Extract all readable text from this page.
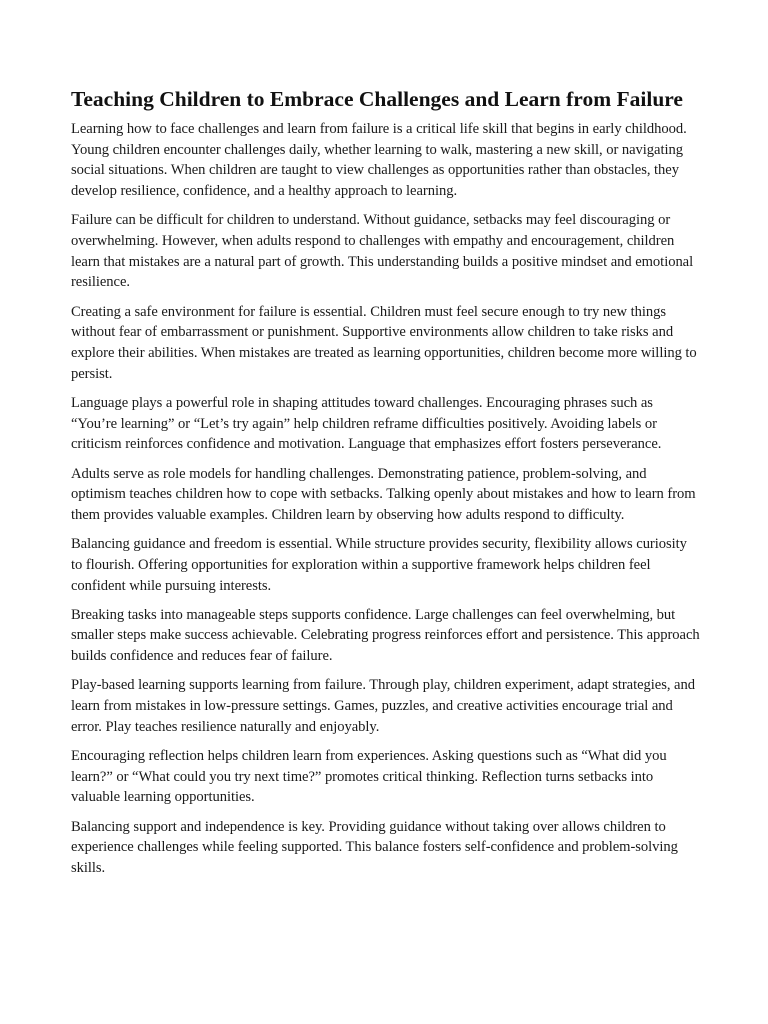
Teaching Children to Embrace Challenges and Learn from Failure

Learning how to face challenges and learn from failure is a critical life skill that begins in early childhood. Young children encounter challenges daily, whether learning to walk, mastering a new skill, or navigating social situations. When children are taught to view challenges as opportunities rather than obstacles, they develop resilience, confidence, and a healthy approach to learning.

Failure can be difficult for children to understand. Without guidance, setbacks may feel discouraging or overwhelming. However, when adults respond to challenges with empathy and encouragement, children learn that mistakes are a natural part of growth. This understanding builds a positive mindset and emotional resilience.

Creating a safe environment for failure is essential. Children must feel secure enough to try new things without fear of embarrassment or punishment. Supportive environments allow children to take risks and explore their abilities. When mistakes are treated as learning opportunities, children become more willing to persist.

Language plays a powerful role in shaping attitudes toward challenges. Encouraging phrases such as “You’re learning” or “Let’s try again” help children reframe difficulties positively. Avoiding labels or criticism reinforces confidence and motivation. Language that emphasizes effort fosters perseverance.

Adults serve as role models for handling challenges. Demonstrating patience, problem-solving, and optimism teaches children how to cope with setbacks. Talking openly about mistakes and how to learn from them provides valuable examples. Children learn by observing how adults respond to difficulty.

Balancing guidance and freedom is essential. While structure provides security, flexibility allows curiosity to flourish. Offering opportunities for exploration within a supportive framework helps children feel confident while pursuing interests.

Breaking tasks into manageable steps supports confidence. Large challenges can feel overwhelming, but smaller steps make success achievable. Celebrating progress reinforces effort and persistence. This approach builds confidence and reduces fear of failure.

Play-based learning supports learning from failure. Through play, children experiment, adapt strategies, and learn from mistakes in low-pressure settings. Games, puzzles, and creative activities encourage trial and error. Play teaches resilience naturally and enjoyably.

Encouraging reflection helps children learn from experiences. Asking questions such as “What did you learn?” or “What could you try next time?” promotes critical thinking. Reflection turns setbacks into valuable learning opportunities.

Balancing support and independence is key. Providing guidance without taking over allows children to experience challenges while feeling supported. This balance fosters self-confidence and problem-solving skills.
